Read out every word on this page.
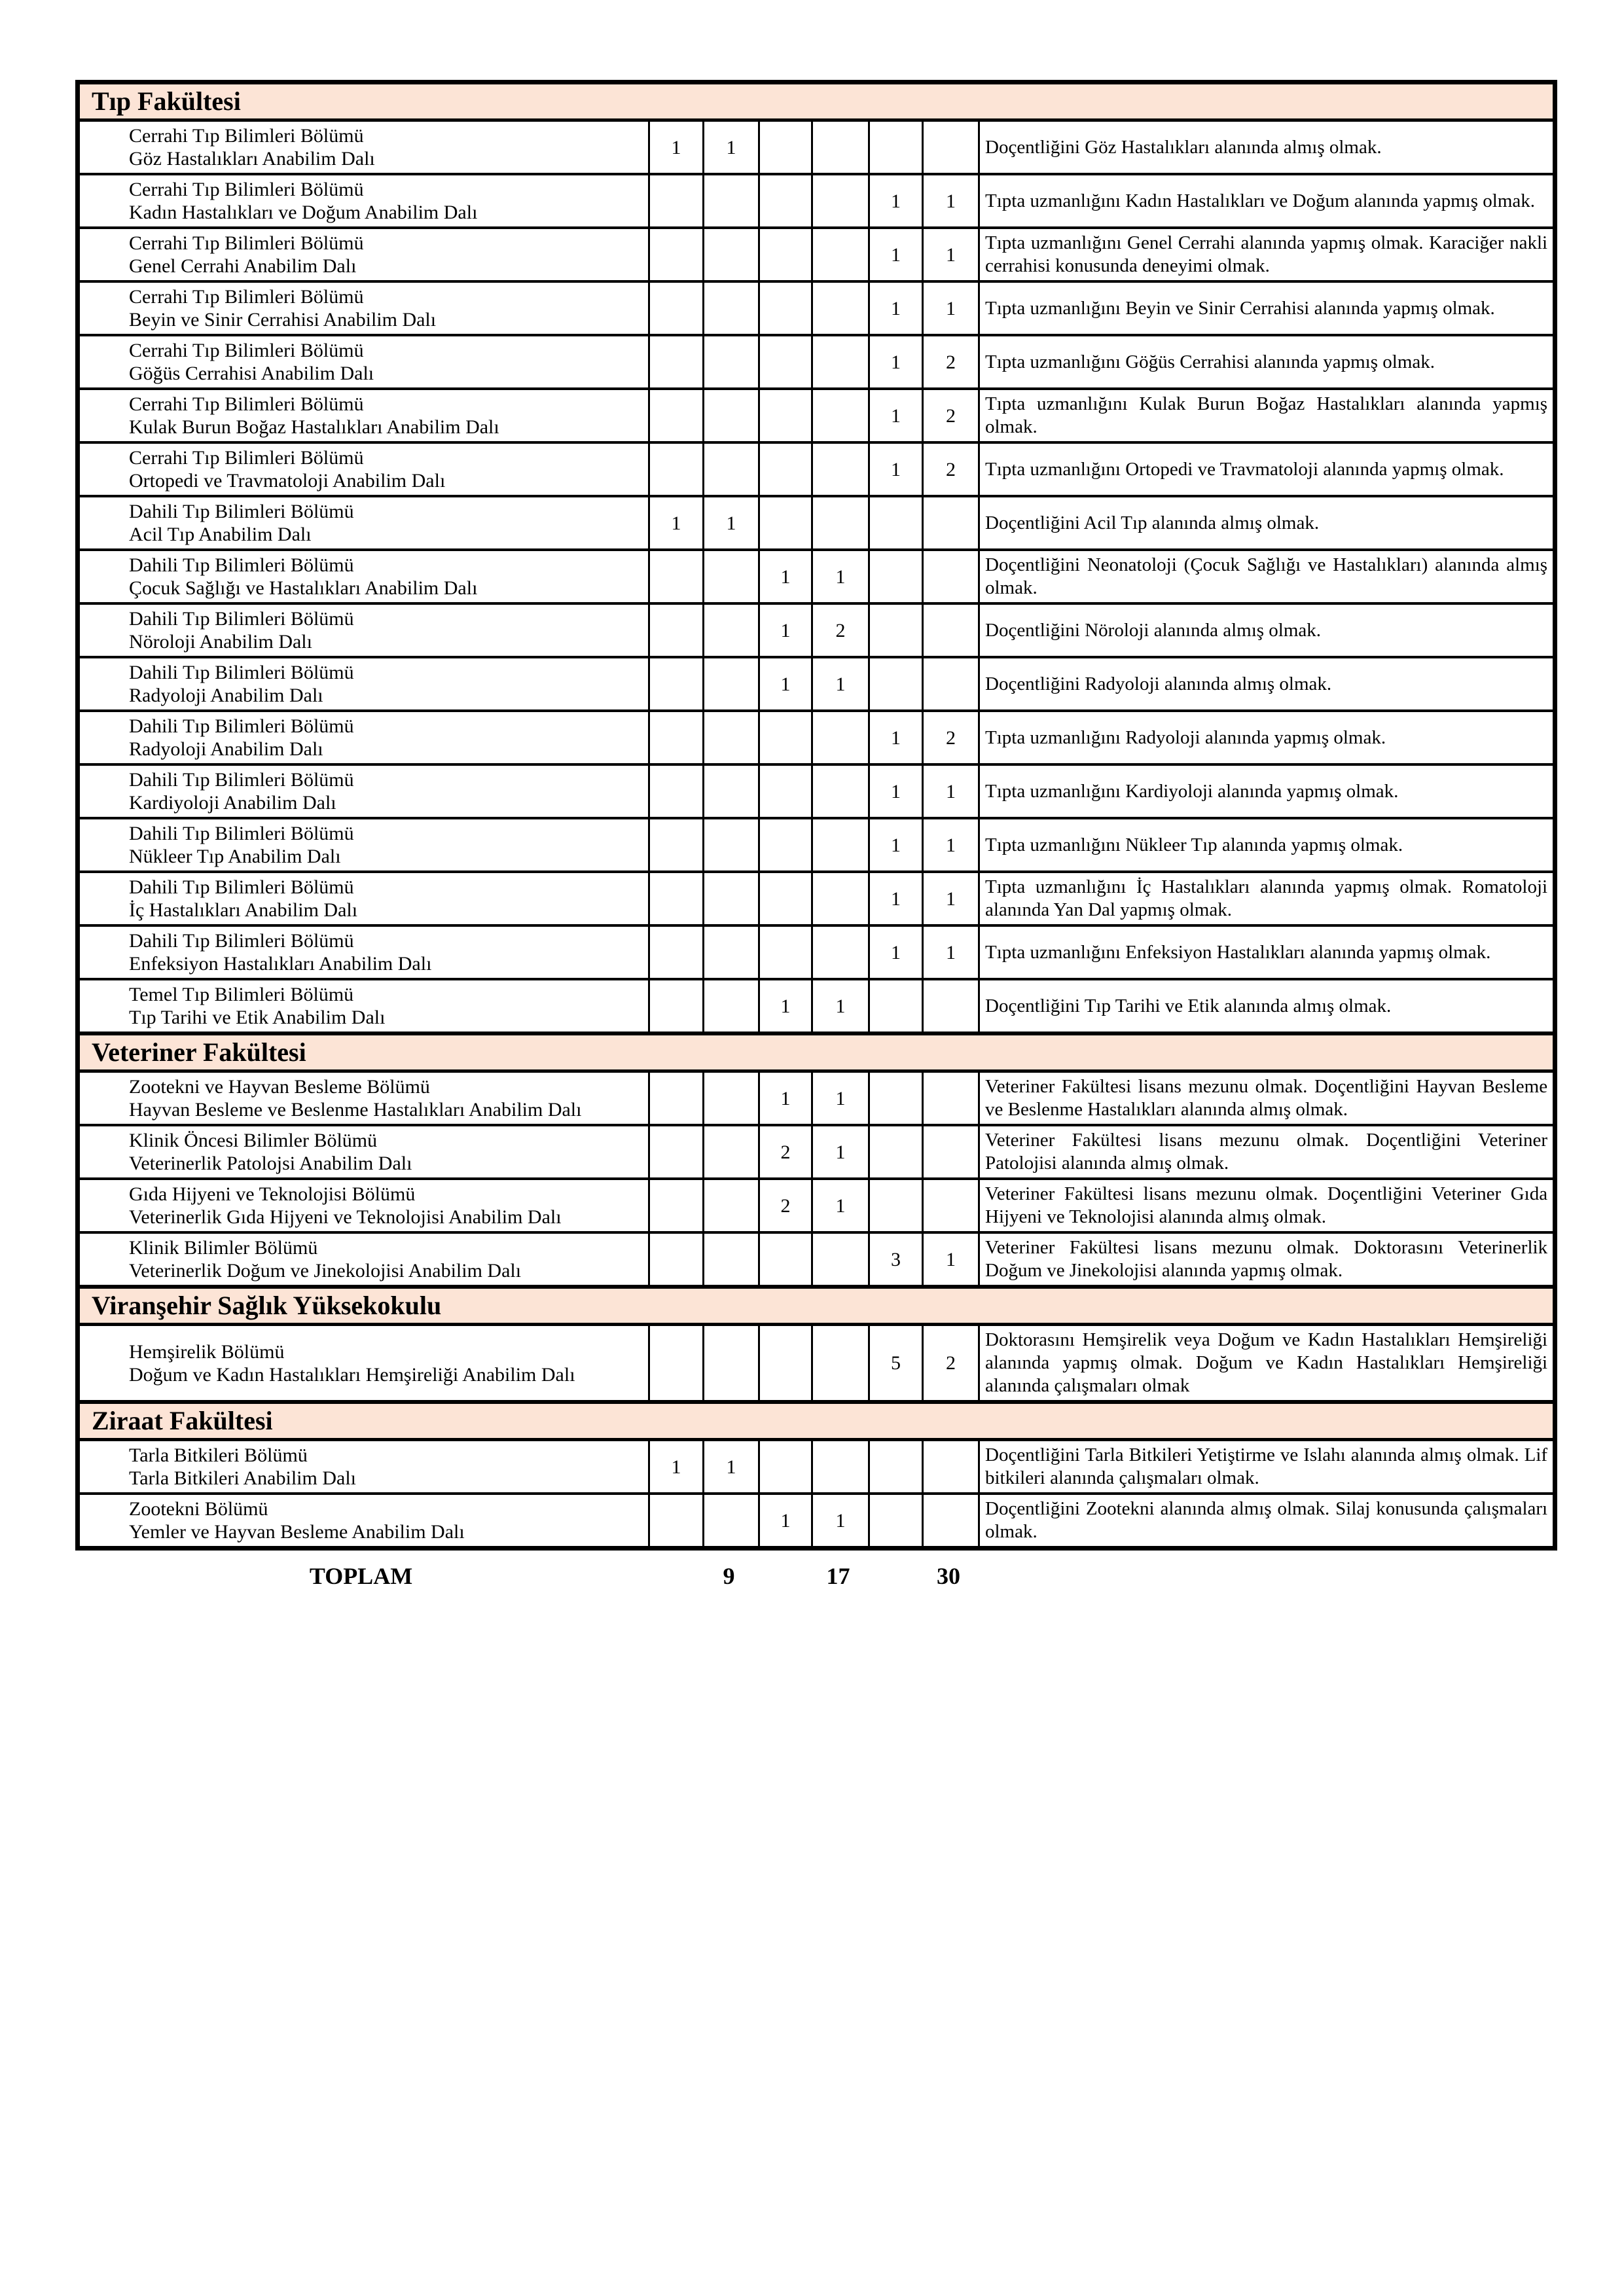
Tıp Fakültesi							

Cerrahi Tıp Bilimleri Bölümü
Göz Hastalıkları Anabilim Dalı	1	1					Doçentliğini Göz Hastalıkları alanında almış olmak.

Cerrahi Tıp Bilimleri Bölümü
Kadın Hastalıkları ve Doğum Anabilim Dalı					1	1	Tıpta uzmanlığını Kadın Hastalıkları ve Doğum alanında yapmış olmak.

Cerrahi Tıp Bilimleri Bölümü
Genel Cerrahi Anabilim Dalı					1	1	Tıpta uzmanlığını Genel Cerrahi alanında yapmış olmak. Karaciğer nakli cerrahisi konusunda deneyimi olmak.

Cerrahi Tıp Bilimleri Bölümü
Beyin ve Sinir Cerrahisi Anabilim Dalı					1	1	Tıpta uzmanlığını Beyin ve Sinir Cerrahisi alanında yapmış olmak.

Cerrahi Tıp Bilimleri Bölümü
Göğüs Cerrahisi Anabilim Dalı					1	2	Tıpta uzmanlığını Göğüs Cerrahisi alanında yapmış olmak.

Cerrahi Tıp Bilimleri Bölümü
Kulak Burun Boğaz Hastalıkları Anabilim Dalı					1	2	Tıpta uzmanlığını Kulak Burun Boğaz Hastalıkları alanında yapmış olmak.

Cerrahi Tıp Bilimleri Bölümü
Ortopedi ve Travmatoloji Anabilim Dalı					1	2	Tıpta uzmanlığını Ortopedi ve Travmatoloji alanında yapmış olmak.

Dahili Tıp Bilimleri Bölümü
Acil Tıp Anabilim Dalı	1	1					Doçentliğini Acil Tıp alanında almış olmak.

Dahili Tıp Bilimleri Bölümü
Çocuk Sağlığı ve Hastalıkları Anabilim Dalı			1	1			Doçentliğini Neonatoloji (Çocuk Sağlığı ve Hastalıkları) alanında almış olmak.

Dahili Tıp Bilimleri Bölümü
Nöroloji Anabilim Dalı			1	2			Doçentliğini Nöroloji alanında almış olmak.

Dahili Tıp Bilimleri Bölümü
Radyoloji Anabilim Dalı			1	1			Doçentliğini Radyoloji alanında almış olmak.

Dahili Tıp Bilimleri Bölümü
Radyoloji Anabilim Dalı					1	2	Tıpta uzmanlığını Radyoloji alanında yapmış olmak.

Dahili Tıp Bilimleri Bölümü
Kardiyoloji Anabilim Dalı					1	1	Tıpta uzmanlığını Kardiyoloji alanında yapmış olmak.

Dahili Tıp Bilimleri Bölümü
Nükleer Tıp Anabilim Dalı					1	1	Tıpta uzmanlığını Nükleer Tıp alanında yapmış olmak.

Dahili Tıp Bilimleri Bölümü
İç Hastalıkları Anabilim Dalı					1	1	Tıpta uzmanlığını İç Hastalıkları alanında yapmış olmak. Romatoloji alanında Yan Dal yapmış olmak.

Dahili Tıp Bilimleri Bölümü
Enfeksiyon Hastalıkları Anabilim Dalı					1	1	Tıpta uzmanlığını Enfeksiyon Hastalıkları alanında yapmış olmak.

Temel Tıp Bilimleri Bölümü
Tıp Tarihi ve Etik Anabilim Dalı			1	1			Doçentliğini Tıp Tarihi ve Etik alanında almış olmak.
Veteriner Fakültesi							

Zootekni ve Hayvan Besleme Bölümü
Hayvan Besleme ve Beslenme Hastalıkları Anabilim Dalı			1	1			Veteriner Fakültesi lisans mezunu olmak. Doçentliğini Hayvan Besleme ve Beslenme Hastalıkları alanında almış olmak.

Klinik Öncesi Bilimler Bölümü
Veterinerlik Patolojsi Anabilim Dalı			2	1			Veteriner Fakültesi lisans mezunu olmak. Doçentliğini Veteriner Patolojisi alanında almış olmak.

Gıda Hijyeni ve Teknolojisi Bölümü
Veterinerlik Gıda Hijyeni ve Teknolojisi Anabilim Dalı			2	1			Veteriner Fakültesi lisans mezunu olmak. Doçentliğini Veteriner Gıda Hijyeni ve Teknolojisi alanında almış olmak.

Klinik Bilimler Bölümü
Veterinerlik Doğum ve Jinekolojisi Anabilim Dalı					3	1	Veteriner Fakültesi lisans mezunu olmak. Doktorasını Veterinerlik Doğum ve Jinekolojisi alanında yapmış olmak.
Viranşehir Sağlık Yüksekokulu							

Hemşirelik Bölümü
Doğum ve Kadın Hastalıkları Hemşireliği Anabilim Dalı					5	2	Doktorasını Hemşirelik veya Doğum ve Kadın Hastalıkları Hemşireliği alanında yapmış olmak. Doğum ve Kadın Hastalıkları Hemşireliği alanında çalışmaları olmak
Ziraat Fakültesi							

Tarla Bitkileri Bölümü
Tarla Bitkileri Anabilim Dalı	1	1					Doçentliğini Tarla Bitkileri Yetiştirme ve Islahı alanında almış olmak. Lif bitkileri alanında çalışmaları olmak.

Zootekni Bölümü
Yemler ve Hayvan Besleme Anabilim Dalı			1	1			Doçentliğini Zootekni alanında almış olmak. Silaj konusunda çalışmaları olmak.
TOPLAM	9	17	30
